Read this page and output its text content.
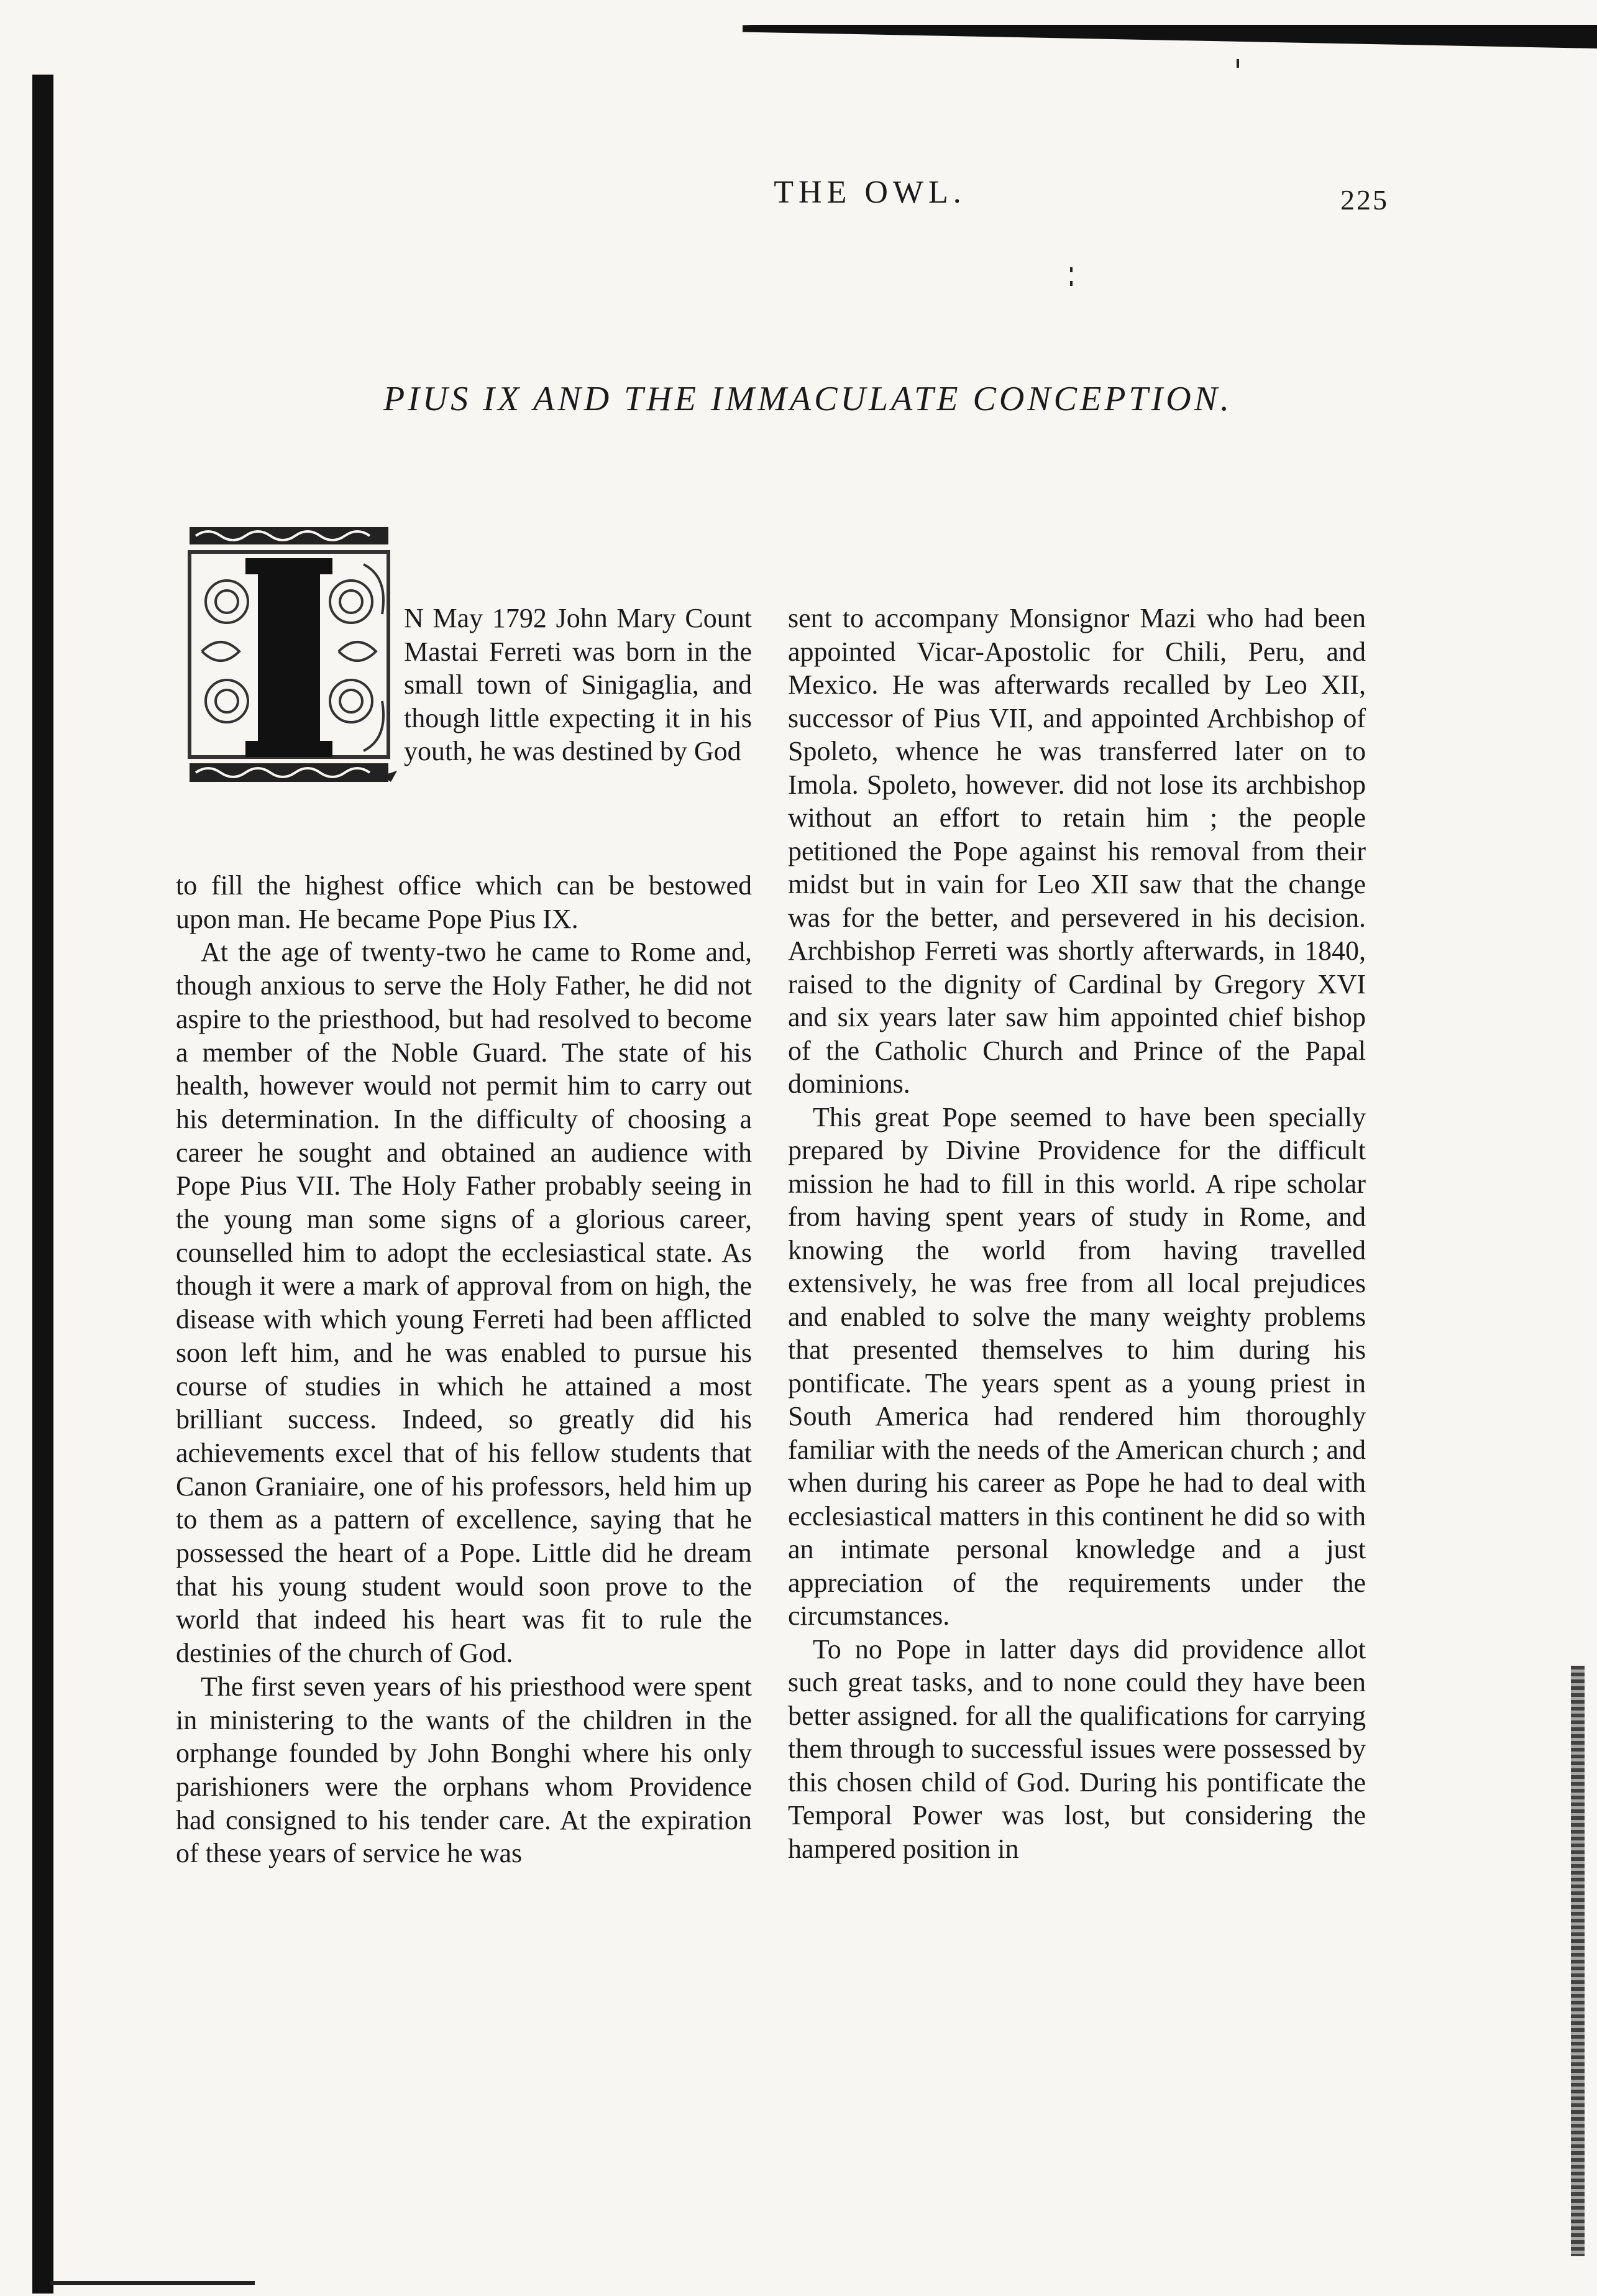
THE OWL.	225
PIUS IX AND THE IMMACULATE CONCEPTION.

N May 1792 John Mary Count Mastai Ferreti was born in the small town of Sinigaglia, and though little expecting it in his youth, he was destined by God

to fill the highest office which can be bestowed upon man. He became Pope Pius IX.

At the age of twenty-two he came to Rome and, though anxious to serve the Holy Father, he did not aspire to the priesthood, but had resolved to become a member of the Noble Guard. The state of his health, however would not permit him to carry out his determination. In the difficulty of choosing a career he sought and obtained an audience with Pope Pius VII. The Holy Father probably seeing in the young man some signs of a glorious career, counselled him to adopt the ecclesiastical state. As though it were a mark of approval from on high, the disease with which young Ferreti had been afflicted soon left him, and he was enabled to pursue his course of studies in which he attained a most brilliant success. Indeed, so greatly did his achievements excel that of his fellow students that Canon Graniaire, one of his professors, held him up to them as a pattern of excellence, saying that he possessed the heart of a Pope. Little did he dream that his young student would soon prove to the world that indeed his heart was fit to rule the destinies of the church of God.

The first seven years of his priesthood were spent in ministering to the wants of the children in the orphange founded by John Bonghi where his only parishioners were the orphans whom Providence had consigned to his tender care. At the expiration of these years of service he was

sent to accompany Monsignor Mazi who had been appointed Vicar-Apostolic for Chili, Peru, and Mexico. He was afterwards recalled by Leo XII, successor of Pius VII, and appointed Archbishop of Spoleto, whence he was transferred later on to Imola. Spoleto, however. did not lose its archbishop without an effort to retain him ; the people petitioned the Pope against his removal from their midst but in vain for Leo XII saw that the change was for the better, and persevered in his decision. Archbishop Ferreti was shortly afterwards, in 1840, raised to the dignity of Cardinal by Gregory XVI and six years later saw him appointed chief bishop of the Catholic Church and Prince of the Papal dominions.

This great Pope seemed to have been specially prepared by Divine Providence for the difficult mission he had to fill in this world. A ripe scholar from having spent years of study in Rome, and knowing the world from having travelled extensively, he was free from all local prejudices and enabled to solve the many weighty problems that presented themselves to him during his pontificate. The years spent as a young priest in South America had rendered him thoroughly familiar with the needs of the American church ; and when during his career as Pope he had to deal with ecclesiastical matters in this continent he did so with an intimate personal knowledge and a just appreciation of the requirements under the circumstances.

To no Pope in latter days did providence allot such great tasks, and to none could they have been better assigned. for all the qualifications for carrying them through to successful issues were possessed by this chosen child of God. During his pontificate the Temporal Power was lost, but considering the hampered position in
